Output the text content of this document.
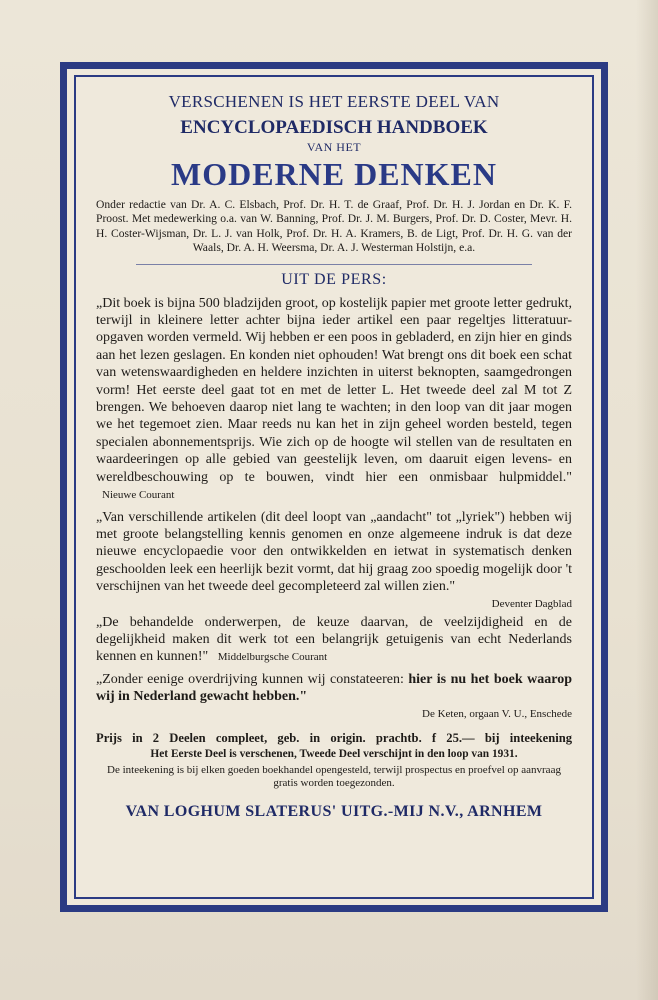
VERSCHENEN IS HET EERSTE DEEL VAN
ENCYCLOPAEDISCH HANDBOEK
VAN HET
MODERNE DENKEN
Onder redactie van Dr. A. C. Elsbach, Prof. Dr. H. T. de Graaf, Prof. Dr. H. J. Jordan en Dr. K. F. Proost. Met medewerking o.a. van W. Banning, Prof. Dr. J. M. Burgers, Prof. Dr. D. Coster, Mevr. H. H. Coster-Wijsman, Dr. L. J. van Holk, Prof. Dr. H. A. Kramers, B. de Ligt, Prof. Dr. H. G. van der Waals, Dr. A. H. Weersma, Dr. A. J. Westerman Holstijn, e.a.
UIT DE PERS:
„Dit boek is bijna 500 bladzijden groot, op kostelijk papier met groote letter gedrukt, terwijl in kleinere letter achter bijna ieder artikel een paar regeltjes litteratuur-opgaven worden vermeld. Wij hebben er een poos in gebladerd, en zijn hier en ginds aan het lezen geslagen. En konden niet ophouden! Wat brengt ons dit boek een schat van wetenswaardigheden en heldere inzichten in uiterst beknopten, saamgedrongen vorm! Het eerste deel gaat tot en met de letter L. Het tweede deel zal M tot Z brengen. We behoeven daarop niet lang te wachten; in den loop van dit jaar mogen we het tegemoet zien. Maar reeds nu kan het in zijn geheel worden besteld, tegen specialen abonnementsprijs. Wie zich op de hoogte wil stellen van de resultaten en waardeeringen op alle gebied van geestelijk leven, om daaruit eigen levens- en wereldbeschouwing op te bouwen, vindt hier een onmisbaar hulpmiddel." Nieuwe Courant
„Van verschillende artikelen (dit deel loopt van „aandacht" tot „lyriek") hebben wij met groote belangstelling kennis genomen en onze algemeene indruk is dat deze nieuwe encyclopaedie voor den ontwikkelden en ietwat in systematisch denken geschoolden leek een heerlijk bezit vormt, dat hij graag zoo spoedig mogelijk door 't verschijnen van het tweede deel gecompleteerd zal willen zien."
Deventer Dagblad
„De behandelde onderwerpen, de keuze daarvan, de veelzijdigheid en de degelijkheid maken dit werk tot een belangrijk getuigenis van echt Nederlands kennen en kunnen!" Middelburgsche Courant
„Zonder eenige overdrijving kunnen wij constateeren: hier is nu het boek waarop wij in Nederland gewacht hebben."
De Keten, orgaan V. U., Enschede
Prijs in 2 Deelen compleet, geb. in origin. prachtb. f 25.— bij inteekening
Het Eerste Deel is verschenen, Tweede Deel verschijnt in den loop van 1931.
De inteekening is bij elken goeden boekhandel opengesteld, terwijl prospectus en proefvel op aanvraag gratis worden toegezonden.
VAN LOGHUM SLATERUS' UITG.-MIJ N.V., ARNHEM
